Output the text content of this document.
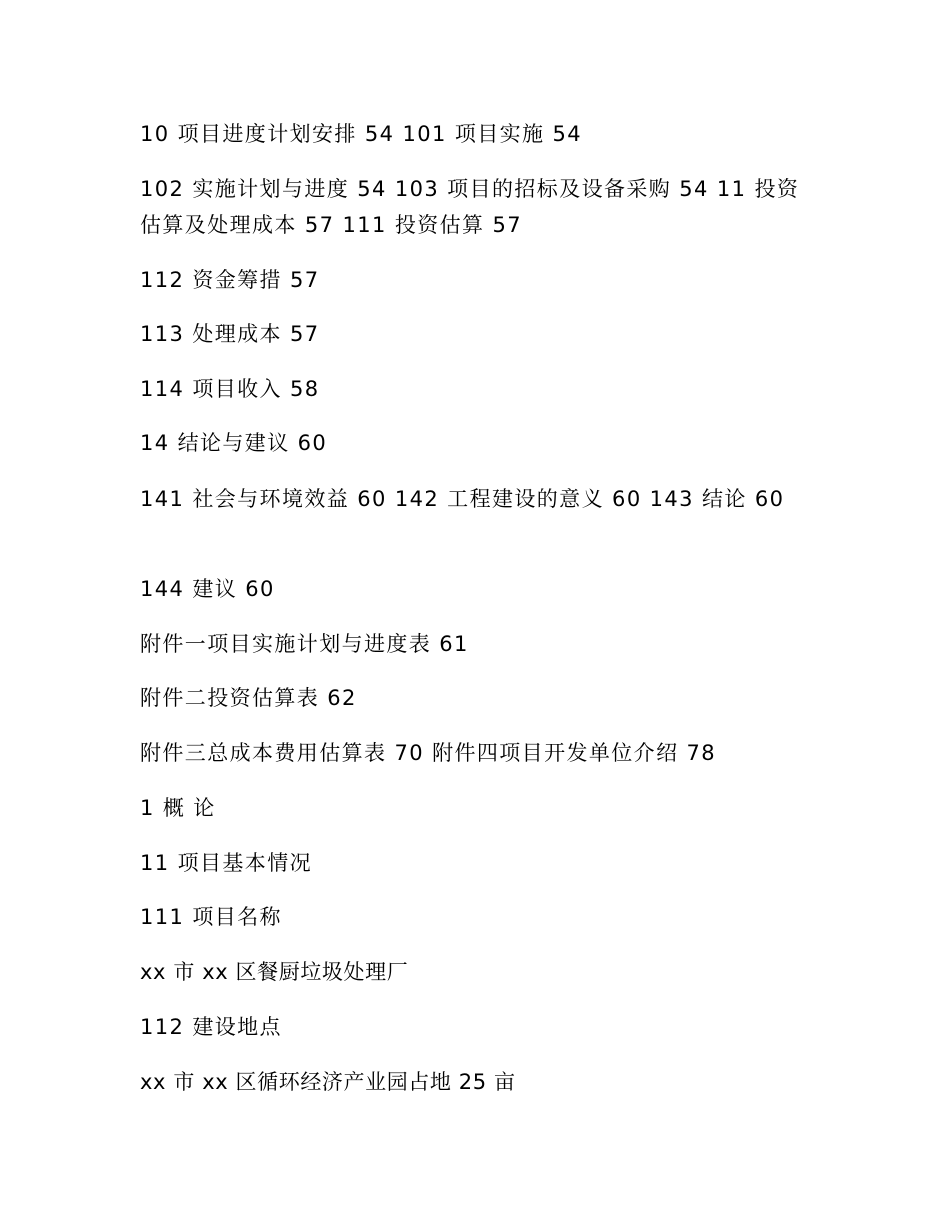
10 项目进度计划安排 54 101 项目实施 54
102 实施计划与进度 54 103 项目的招标及设备采购 54 11 投资估算及处理成本 57 111 投资估算 57
112 资金筹措 57
113 处理成本 57
114 项目收入 58
14 结论与建议 60
141 社会与环境效益 60 142 工程建设的意义 60 143 结论 60
144 建议 60
附件一项目实施计划与进度表 61
附件二投资估算表 62
附件三总成本费用估算表 70 附件四项目开发单位介绍 78
1 概 论
11 项目基本情况
111 项目名称
xx 市 xx 区餐厨垃圾处理厂
112 建设地点
xx 市 xx 区循环经济产业园占地 25 亩
